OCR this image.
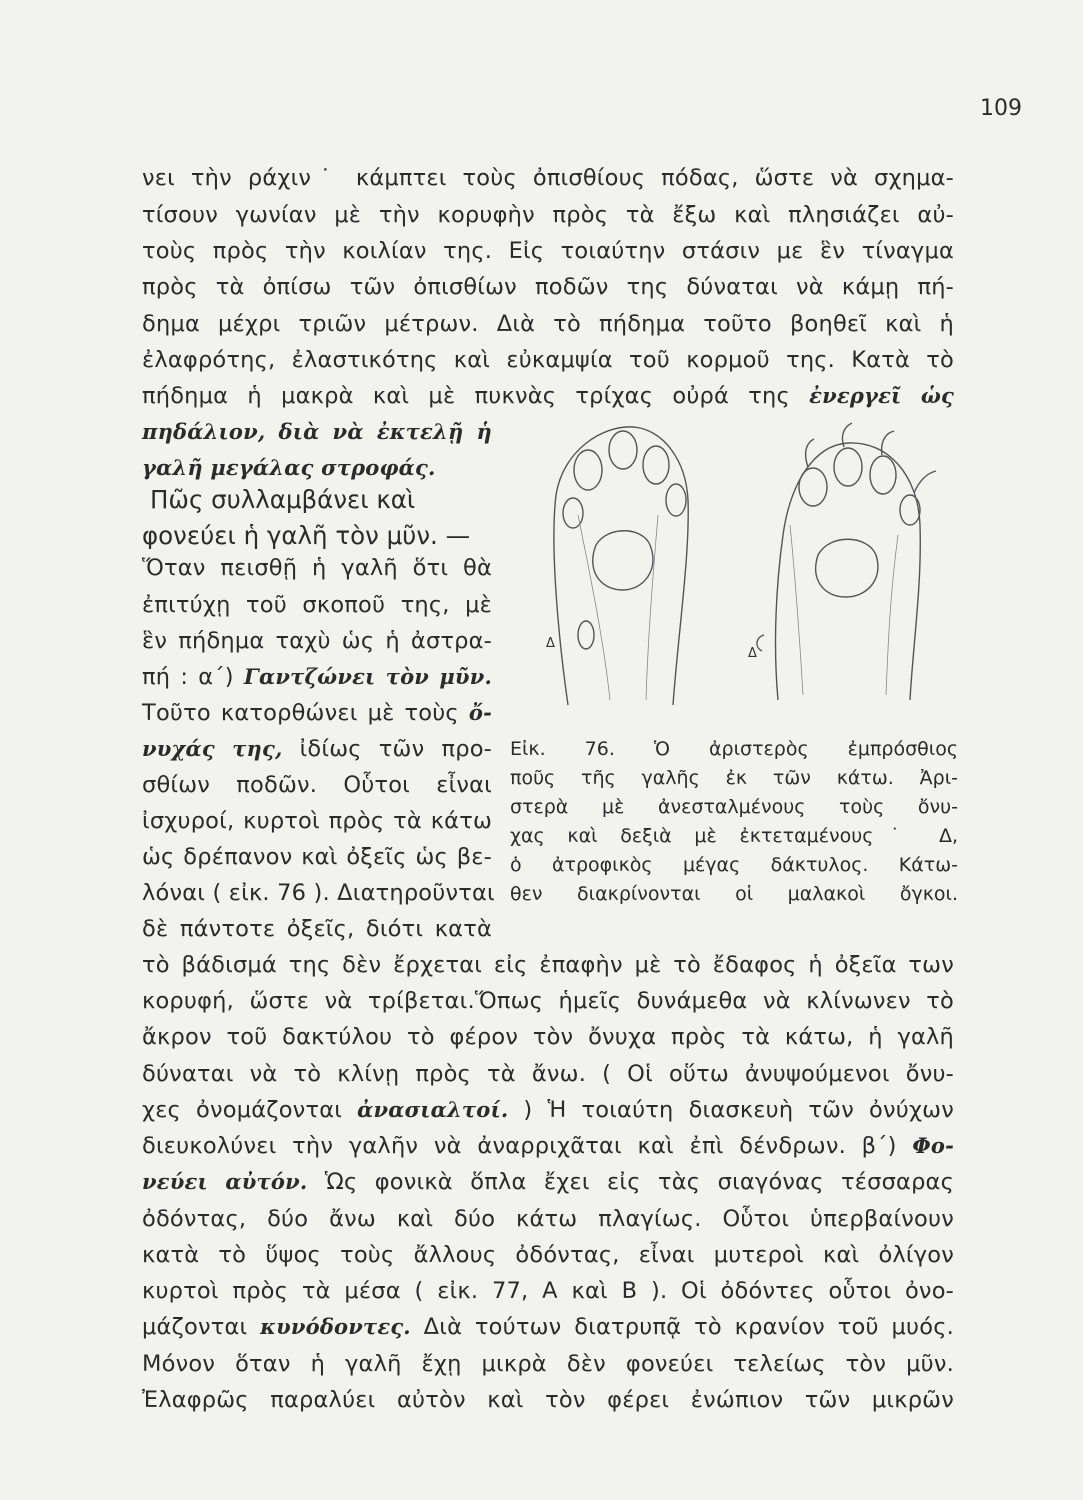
109
νει τὴν ράχιν˙ κάμπτει τοὺς ὀπισθίους πόδας, ὥστε νὰ σχημα-
τίσουν γωνίαν μὲ τὴν κορυφὴν πρὸς τὰ ἔξω καὶ πλησιάζει αὐ-
τοὺς πρὸς τὴν κοιλίαν της. Εἰς τοιαύτην στάσιν με ἓν τίναγμα
πρὸς τὰ ὀπίσω τῶν ὀπισθίων ποδῶν της δύναται νὰ κάμῃ πή-
δημα μέχρι τριῶν μέτρων. Διὰ τὸ πήδημα τοῦτο βοηθεῖ καὶ ἡ
ἐλαφρότης, ἐλαστικότης καὶ εὐκαμψία τοῦ κορμοῦ της. Κατὰ τὸ
πήδημα ἡ μακρὰ καὶ μὲ πυκνὰς τρίχας οὐρά της ἐνεργεῖ ὡς
πηδάλιον, διὰ νὰ ἐκτελῇ ἡ
γαλῆ μεγάλας στροφάς.
Πῶς συλλαμβάνει καὶ
φονεύει ἡ γαλῆ τὸν μῦν. —
Ὅταν πεισθῇ ἡ γαλῆ ὅτι θὰ
ἐπιτύχῃ τοῦ σκοποῦ της, μὲ
ἓν πήδημα ταχὺ ὡς ἡ ἀστρα-
πή : α΄) Γαντζώνει τὸν μῦν.
Τοῦτο κατορθώνει μὲ τοὺς ὄ-
νυχάς της, ἰδίως τῶν προ-
σθίων ποδῶν. Οὗτοι εἶναι
ἰσχυροί, κυρτοὶ πρὸς τὰ κάτω
ὡς δρέπανον καὶ ὀξεῖς ὡς βε-
λόναι ( εἰκ. 76 ). Διατηροῦνται
δὲ πάντοτε ὀξεῖς, διότι κατὰ
Δ
Δ
Εἰκ. 76. Ὁ ἀριστερὸς ἐμπρόσθιος
ποῦς τῆς γαλῆς ἐκ τῶν κάτω. Ἀρι-
στερὰ μὲ ἀνεσταλμένους τοὺς ὄνυ-
χας καὶ δεξιὰ μὲ ἐκτεταμένους˙ Δ,
ὁ ἀτροφικὸς μέγας δάκτυλος. Κάτω-
θεν διακρίνονται οἱ μαλακοὶ ὄγκοι.
τὸ βάδισμά της δὲν ἔρχεται εἰς ἐπαφὴν μὲ τὸ ἔδαφος ἡ ὀξεῖα των
κορυφή, ὥστε νὰ τρίβεται.Ὅπως ἡμεῖς δυνάμεθα νὰ κλίνωνεν τὸ
ἄκρον τοῦ δακτύλου τὸ φέρον τὸν ὄνυχα πρὸς τὰ κάτω, ἡ γαλῆ
δύναται νὰ τὸ κλίνῃ πρὸς τὰ ἄνω. ( Οἱ οὕτω ἀνυψούμενοι ὄνυ-
χες ὀνομάζονται ἀνασιαλτοί. ) Ἡ τοιαύτη διασκευὴ τῶν ὀνύχων
διευκολύνει τὴν γαλῆν νὰ ἀναρριχᾶται καὶ ἐπὶ δένδρων. β΄) Φο-
νεύει αὐτόν. Ὡς φονικὰ ὅπλα ἔχει εἰς τὰς σιαγόνας τέσσαρας
ὀδόντας, δύο ἄνω καὶ δύο κάτω πλαγίως. Οὗτοι ὑπερβαίνουν
κατὰ τὸ ὕψος τοὺς ἄλλους ὀδόντας, εἶναι μυτεροὶ καὶ ὀλίγον
κυρτοὶ πρὸς τὰ μέσα ( εἰκ. 77, Α καὶ Β ). Οἱ ὀδόντες οὗτοι ὀνο-
μάζονται κυνόδοντες. Διὰ τούτων διατρυπᾷ τὸ κρανίον τοῦ μυός.
Μόνον ὅταν ἡ γαλῆ ἔχῃ μικρὰ δὲν φονεύει τελείως τὸν μῦν.
Ἐλαφρῶς παραλύει αὐτὸν καὶ τὸν φέρει ἐνώπιον τῶν μικρῶν
